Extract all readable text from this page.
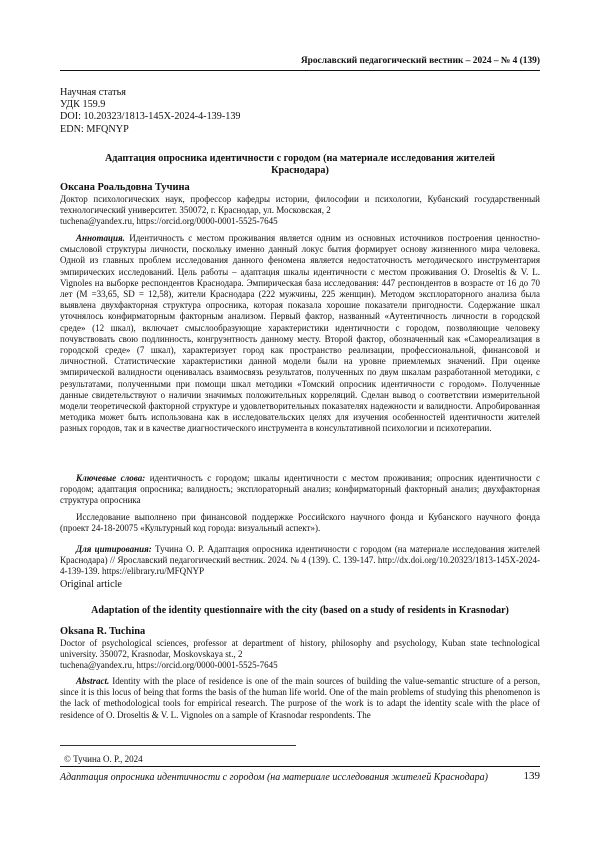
Ярославский педагогический вестник – 2024 – № 4 (139)
Научная статья
УДК 159.9
DOI: 10.20323/1813-145X-2024-4-139-139
EDN: MFQNYP
Адаптация опросника идентичности с городом (на материале исследования жителей Краснодара)
Оксана Роальдовна Тучина
Доктор психологических наук, профессор кафедры истории, философии и психологии, Кубанский государственный технологический университет. 350072, г. Краснодар, ул. Московская, 2
tuchena@yandex.ru, https://orcid.org/0000-0001-5525-7645

Аннотация. Идентичность с местом проживания является одним из основных источников построения ценностно-смысловой структуры личности, поскольку именно данный локус бытия формирует основу жизненного мира человека. Одной из главных проблем исследования данного феномена является недостаточность методического инструментария эмпирических исследований. Цель работы – адаптация шкалы идентичности с местом проживания O. Droseltis & V. L. Vignoles на выборке респондентов Краснодара. Эмпирическая база исследования: 447 респондентов в возрасте от 16 до 70 лет (M =33,65, SD = 12,58), жители Краснодара (222 мужчины, 225 женщин). Методом эксплораторного анализа была выявлена двухфакторная структура опросника, которая показала хорошие показатели пригодности. Содержание шкал уточнялось конфирматорным факторным анализом. Первый фактор, названный «Аутентичность личности в городской среде» (12 шкал), включает смыслообразующие характеристики идентичности с городом, позволяющие человеку почувствовать свою подлинность, конгруэнтность данному месту. Второй фактор, обозначенный как «Самореализация в городской среде» (7 шкал), характеризует город как пространство реализации, профессиональной, финансовой и личностной. Статистические характеристики данной модели были на уровне приемлемых значений. При оценке эмпирической валидности оценивалась взаимосвязь результатов, полученных по двум шкалам разработанной методики, с результатами, полученными при помощи шкал методики «Томский опросник идентичности с городом». Полученные данные свидетельствуют о наличии значимых положительных корреляций. Сделан вывод о соответствии измерительной модели теоретической факторной структуре и удовлетворительных показателях надежности и валидности. Апробированная методика может быть использована как в исследовательских целях для изучения особенностей идентичности жителей разных городов, так и в качестве диагностического инструмента в консультативной психологии и психотерапии.

Ключевые слова: идентичность с городом; шкалы идентичности с местом проживания; опросник идентичности с городом; адаптация опросника; валидность; эксплораторный анализ; конфирматорный факторный анализ; двухфакторная структура опросника
Исследование выполнено при финансовой поддержке Российского научного фонда и Кубанского научного фонда (проект 24-18-20075 «Культурный код города: визуальный аспект»).
Для цитирования: Тучина О. Р. Адаптация опросника идентичности с городом (на материале исследования жителей Краснодара) // Ярославский педагогический вестник. 2024. № 4 (139). С. 139-147. http://dx.doi.org/10.20323/1813-145X-2024-4-139-139. https://elibrary.ru/MFQNYP
Original article
Adaptation of the identity questionnaire with the city (based on a study of residents in Krasnodar)
Oksana R. Tuchina
Doctor of psychological sciences, professor at department of history, philosophy and psychology, Kuban state technological university. 350072, Krasnodar, Moskovskaya st., 2
tuchena@yandex.ru, https://orcid.org/0000-0001-5525-7645

Abstract. Identity with the place of residence is one of the main sources of building the value-semantic structure of a person, since it is this locus of being that forms the basis of the human life world. One of the main problems of studying this phenomenon is the lack of methodological tools for empirical research. The purpose of the work is to adapt the identity scale with the place of residence of O. Droseltis & V. L. Vignoles on a sample of Krasnodar respondents. The

© Тучина О. Р., 2024
Адаптация опросника идентичности с городом (на материале исследования жителей Краснодара)	139
